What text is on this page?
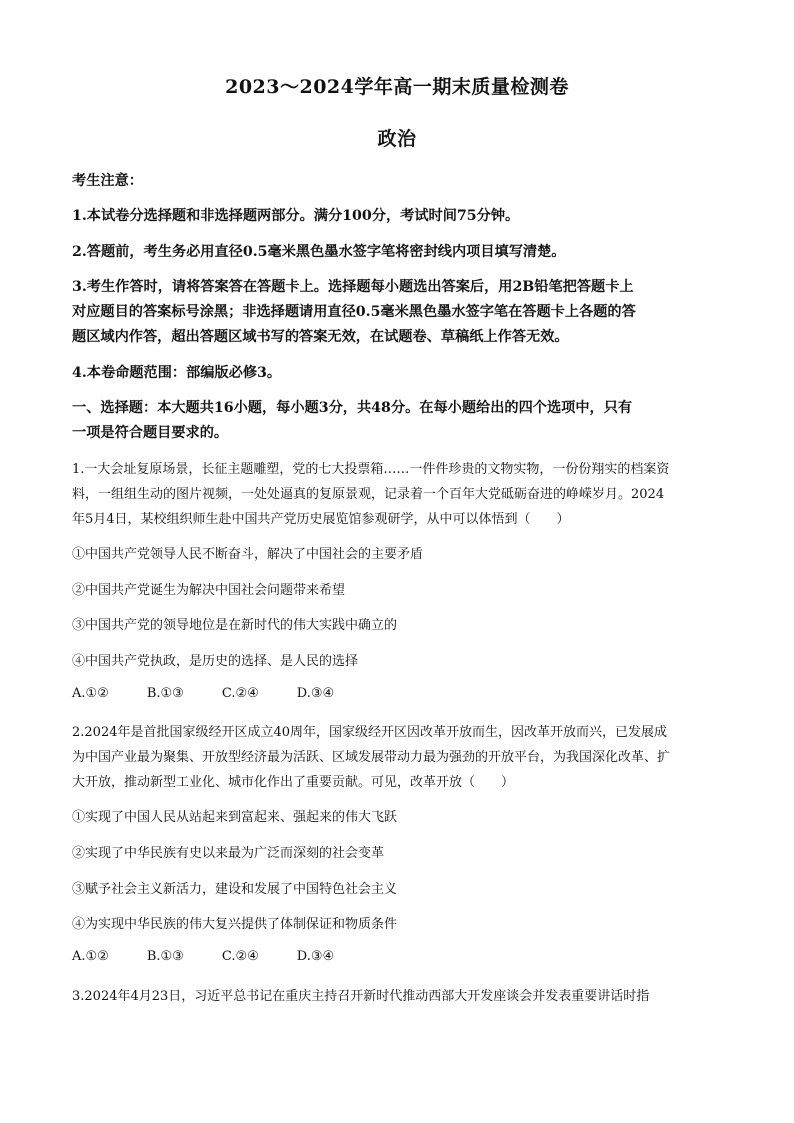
2023～2024学年高一期末质量检测卷
政治
考生注意：
1.本试卷分选择题和非选择题两部分。满分100分，考试时间75分钟。
2.答题前，考生务必用直径0.5毫米黑色墨水签字笔将密封线内项目填写清楚。
3.考生作答时，请将答案答在答题卡上。选择题每小题选出答案后，用2B铅笔把答题卡上
对应题目的答案标号涂黑；非选择题请用直径0.5毫米黑色墨水签字笔在答题卡上各题的答
题区域内作答，超出答题区域书写的答案无效，在试题卷、草稿纸上作答无效。
4.本卷命题范围：部编版必修3。
一、选择题：本大题共16小题，每小题3分，共48分。在每小题给出的四个选项中，只有
一项是符合题目要求的。
1.一大会址复原场景，长征主题雕塑，党的七大投票箱……一件件珍贵的文物实物，一份份翔实的档案资
料，一组组生动的图片视频，一处处逼真的复原景观，记录着一个百年大党砥砺奋进的峥嵘岁月。2024
年5月4日，某校组织师生赴中国共产党历史展览馆参观研学，从中可以体悟到（　　）
①中国共产党领导人民不断奋斗，解决了中国社会的主要矛盾
②中国共产党诞生为解决中国社会问题带来希望
③中国共产党的领导地位是在新时代的伟大实践中确立的
④中国共产党执政，是历史的选择、是人民的选择
A.①②	B.①③	C.②④	D.③④
2.2024年是首批国家级经开区成立40周年，国家级经开区因改革开放而生，因改革开放而兴，已发展成
为中国产业最为聚集、开放型经济最为活跃、区域发展带动力最为强劲的开放平台，为我国深化改革、扩
大开放，推动新型工业化、城市化作出了重要贡献。可见，改革开放（　　）
①实现了中国人民从站起来到富起来、强起来的伟大飞跃
②实现了中华民族有史以来最为广泛而深刻的社会变革
③赋予社会主义新活力，建设和发展了中国特色社会主义
④为实现中华民族的伟大复兴提供了体制保证和物质条件
A.①②	B.①③	C.②④	D.③④
3.2024年4月23日，习近平总书记在重庆主持召开新时代推动西部大开发座谈会并发表重要讲话时指
